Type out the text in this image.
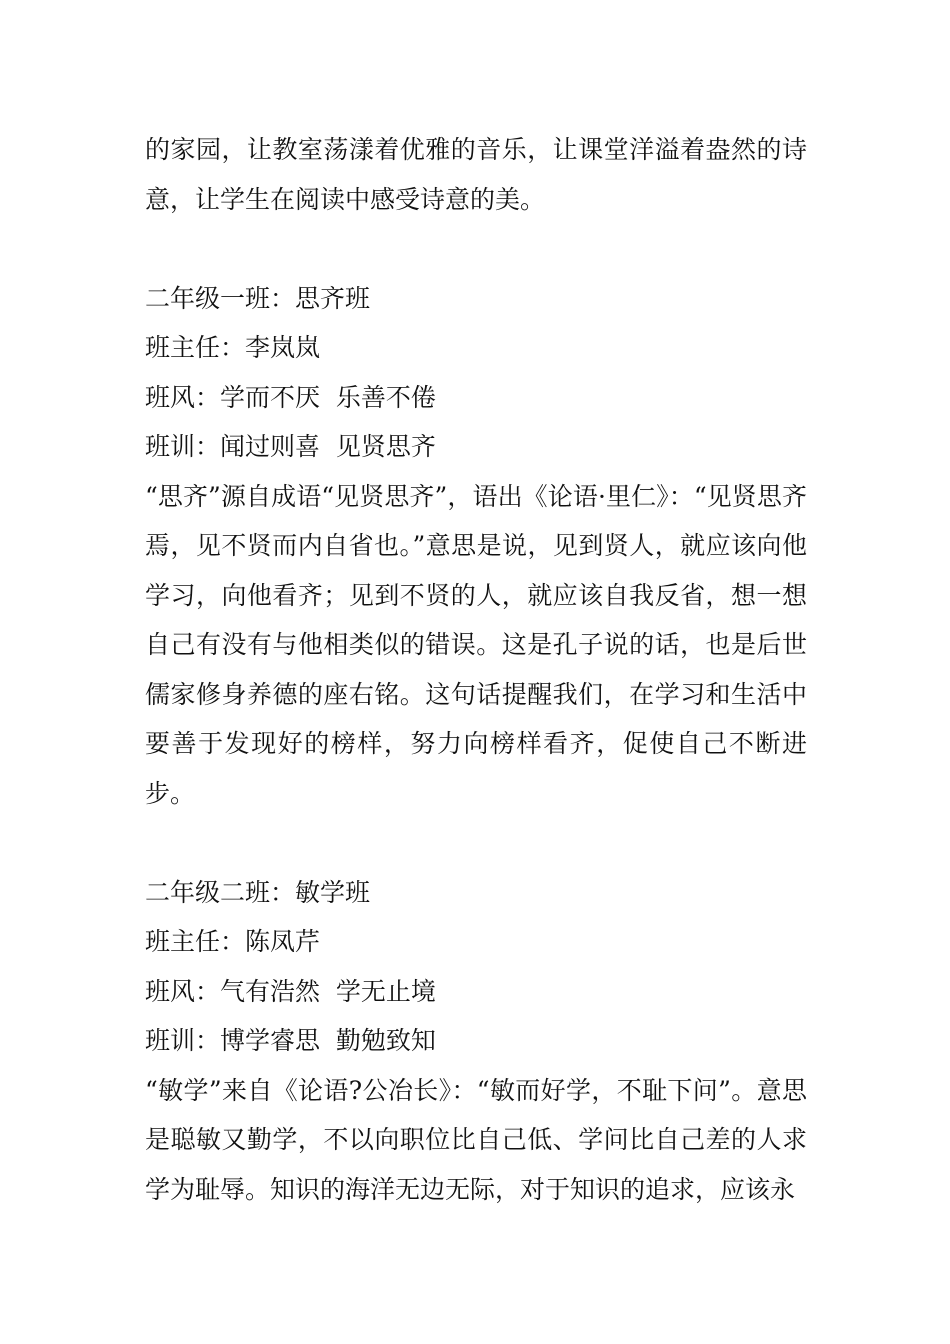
的家园，让教室荡漾着优雅的音乐，让课堂洋溢着盎然的诗意，让学生在阅读中感受诗意的美。

二年级一班：思齐班

班主任：李岚岚

班风：学而不厌  乐善不倦

班训：闻过则喜  见贤思齐

“思齐”源自成语“见贤思齐”，语出《论语·里仁》：“见贤思齐焉，见不贤而内自省也。”意思是说，见到贤人，就应该向他学习，向他看齐；见到不贤的人，就应该自我反省，想一想自己有没有与他相类似的错误。这是孔子说的话，也是后世儒家修身养德的座右铭。这句话提醒我们，在学习和生活中要善于发现好的榜样，努力向榜样看齐，促使自己不断进步。

二年级二班：敏学班

班主任：陈凤芹

班风：气有浩然  学无止境

班训：博学睿思  勤勉致知

“敏学”来自《论语?公冶长》：“敏而好学，不耻下问”。意思是聪敏又勤学，不以向职位比自己低、学问比自己差的人求学为耻辱。知识的海洋无边无际，对于知识的追求，应该永
